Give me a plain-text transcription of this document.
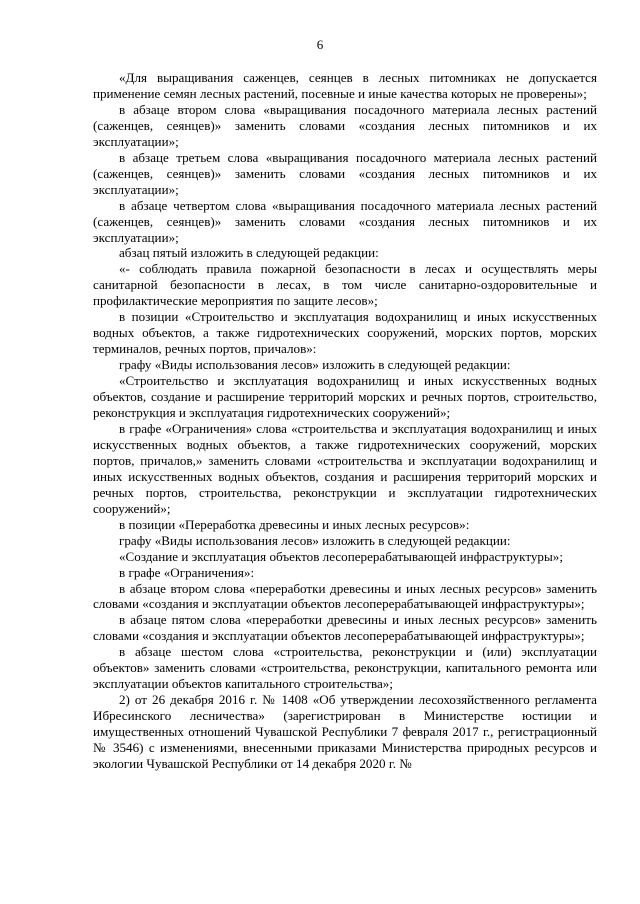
6

«Для выращивания саженцев, сеянцев в лесных питомниках не допускается применение семян лесных растений, посевные и иные качества которых не проверены»;

в абзаце втором слова «выращивания посадочного материала лесных растений (саженцев, сеянцев)» заменить словами «создания лесных питомников и их эксплуатации»;

в абзаце третьем слова «выращивания посадочного материала лесных растений (саженцев, сеянцев)» заменить словами «создания лесных питомников и их эксплуатации»;

в абзаце четвертом слова «выращивания посадочного материала лесных растений (саженцев, сеянцев)» заменить словами «создания лесных питомников и их эксплуатации»;

абзац пятый изложить в следующей редакции:

«- соблюдать правила пожарной безопасности в лесах и осуществлять меры санитарной безопасности в лесах, в том числе санитарно-оздоровительные и профилактические мероприятия по защите лесов»;

в позиции «Строительство и эксплуатация водохранилищ и иных искусственных водных объектов, а также гидротехнических сооружений, морских портов, морских терминалов, речных портов, причалов»:

графу «Виды использования лесов» изложить в следующей редакции:

«Строительство и эксплуатация водохранилищ и иных искусственных водных объектов, создание и расширение территорий морских и речных портов, строительство, реконструкция и эксплуатация гидротехнических сооружений»;

в графе «Ограничения» слова «строительства и эксплуатация водохранилищ и иных искусственных водных объектов, а также гидротехнических сооружений, морских портов, причалов,» заменить словами «строительства и эксплуатации водохранилищ и иных искусственных водных объектов, создания и расширения территорий морских и речных портов, строительства, реконструкции и эксплуатации гидротехнических сооружений»;

в позиции «Переработка древесины и иных лесных ресурсов»:

графу «Виды использования лесов» изложить в следующей редакции:

«Создание и эксплуатация объектов лесоперерабатывающей инфраструктуры»;

в графе «Ограничения»:

в абзаце втором слова «переработки древесины и иных лесных ресурсов» заменить словами «создания и эксплуатации объектов лесоперерабатывающей инфраструктуры»;

в абзаце пятом слова «переработки древесины и иных лесных ресурсов» заменить словами «создания и эксплуатации объектов лесоперерабатывающей инфраструктуры»;

в абзаце шестом слова «строительства, реконструкции и (или) эксплуатации объектов» заменить словами «строительства, реконструкции, капитального ремонта или эксплуатации объектов капитального строительства»;

2) от 26 декабря 2016 г. № 1408 «Об утверждении лесохозяйственного регламента Ибресинского лесничества» (зарегистрирован в Министерстве юстиции и имущественных отношений Чувашской Республики 7 февраля 2017 г., регистрационный № 3546) с изменениями, внесенными приказами Министерства природных ресурсов и экологии Чувашской Республики от 14 декабря 2020 г. №
